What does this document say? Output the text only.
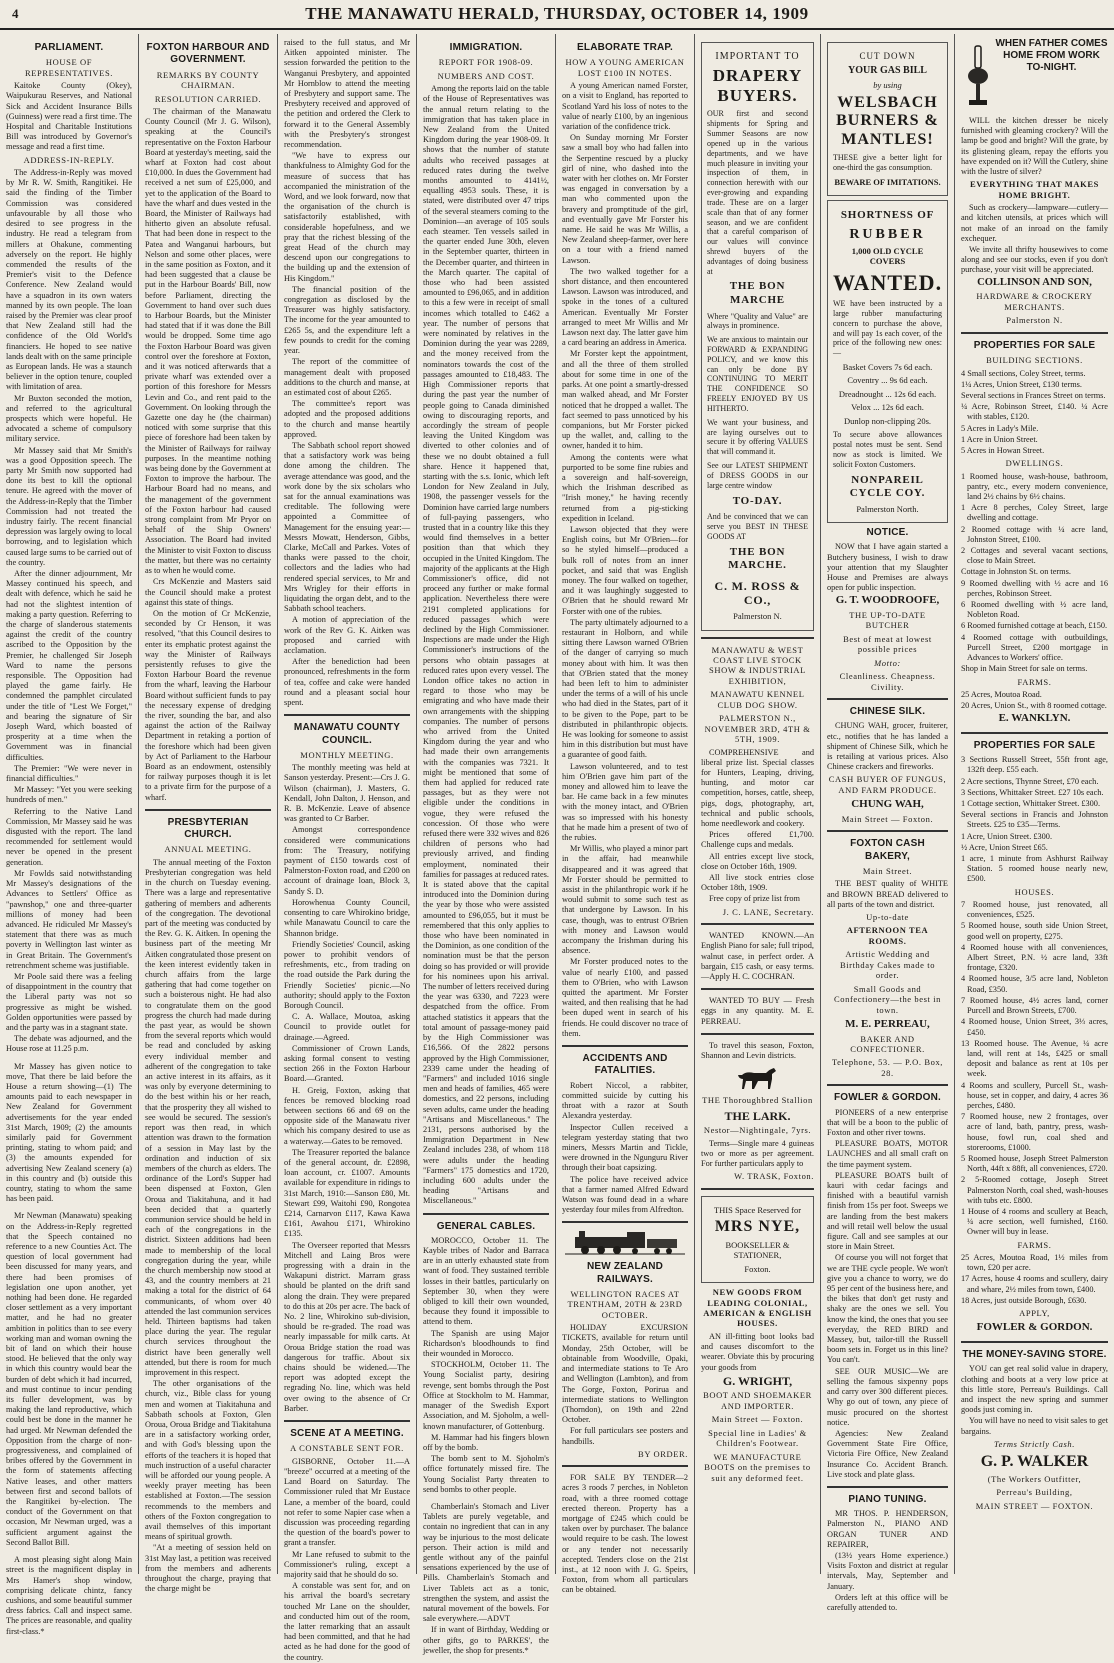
4	THE MANAWATU HERALD, THURSDAY, OCTOBER 14, 1909
PARLIAMENT.
HOUSE OF REPRESENTATIVES.

Kaitoke County (Okey), Waipukurau Reserves, and National Sick and Accident Insurance Bills (Guinness) were read a first time. The Hospital and Charitable Institutions Bill was introduced by Governor's message and read a first time.

ADDRESS-IN-REPLY.

The Address-in-Reply was moved by Mr R. W. Smith, Rangitikei. He said the finding of the Timber Commission was considered unfavourable by all those who desired to see progress in the industry. He read a telegram from millers at Ohakune, commenting adversely on the report. He highly commended the results of the Premier's visit to the Defence Conference. New Zealand would have a squadron in its own waters manned by its own people. The loan raised by the Premier was clear proof that New Zealand still had the confidence of the Old World's financiers. He hoped to see native lands dealt with on the same principle as European lands. He was a staunch believer in the option tenure, coupled with limitation of area.

Mr Buxton seconded the motion, and referred to the agricultural prospects which were hopeful. He advocated a scheme of compulsory military service.

Mr Massey said that Mr Smith's was a good Opposition speech. The party Mr Smith now supported had done its best to kill the optional tenure. He agreed with the mover of the Address-in-Reply that the Timber Commission had not treated the industry fairly. The recent financial depression was largely owing to local borrowing, and to legislation which caused large sums to be carried out of the country.

After the dinner adjournment, Mr Massey continued his speech, and dealt with defence, which he said he had not the slightest intention of making a party question. Referring to the charge of slanderous statements against the credit of the country ascribed to the Opposition by the Premier, he challenged Sir Joseph Ward to name the persons responsible. The Opposition had played the game fairly. He condemned the pamphlet circulated under the title of "Lest We Forget," and bearing the signature of Sir Joseph Ward, which boasted of prosperity at a time when the Government was in financial difficulties.

The Premier: "We were never in financial difficulties."

Mr Massey: "Yet you were seeking hundreds of men."

Referring to the Native Land Commission, Mr Massey said he was disgusted with the report. The land recommended for settlement would never be opened in the present generation.

Mr Fowlds said notwithstanding Mr Massey's designations of the Advances to Settlers' Office as "pawnshop," one and three-quarter millions of money had been advanced. He ridiculed Mr Massey's statement that there was as much poverty in Wellington last winter as in Great Britain. The Government's retrenchment scheme was justifiable.

Mr Poole said there was a feeling of disappointment in the country that the Liberal party was not so progressive as might be wished. Golden opportunities were passed by and the party was in a stagnant state.

The debate was adjourned, and the House rose at 11.25 p.m.

Mr Massey has given notice to move, That there be laid before the House a return showing—(1) The amounts paid to each newspaper in New Zealand for Government advertisements for the year ended 31st March, 1909; (2) the amounts similarly paid for Government printing, stating to whom paid; and (3) the amounts expended for advertising New Zealand scenery (a) in this country and (b) outside this country, stating to whom the same has been paid.

Mr Newman (Manawatu) speaking on the Address-in-Reply regretted that the Speech contained no reference to a new Counties Act. The question of local government had been discussed for many years, and there had been promises of legislation one upon another, yet nothing had been done. He regarded closer settlement as a very important matter, and he had no greater ambition in politics than to see every working man and woman owning the bit of land on which their house stood. He believed that the only way in which this country would bear the burden of debt which it had incurred, and must continue to incur pending its fuller development, was by making the land reproductive, which could best be done in the manner he had urged. Mr Newman defended the Opposition from the charge of non-progressiveness, and complained of bribes offered by the Government in the form of statements affecting Native leases, and other matters between first and second ballots of the Rangitikei by-election. The conduct of the Government on that occasion, Mr Newman urged, was a sufficient argument against the Second Ballot Bill.

A most pleasing sight along Main street is the magnificent display in Mrs Hamer's shop window, comprising delicate chintz, fancy cushions, and some beautiful summer dress fabrics. Call and inspect same. The prices are reasonable, and quality first-class.*

FOXTON HARBOUR AND GOVERNMENT.
REMARKS BY COUNTY CHAIRMAN.
RESOLUTION CARRIED.

The chairman of the Manawatu County Council (Mr J. G. Wilson), speaking at the Council's representative on the Foxton Harbour Board at yesterday's meeting, said the wharf at Foxton had cost about £10,000. In dues the Government had received a net sum of £25,000, and yet to the application of the Board to have the wharf and dues vested in the Board, the Minister of Railways had hitherto given an absolute refusal. That had been done in respect to the Patea and Wanganui harbours, but Nelson and some other places, were in the same position as Foxton, and it had been suggested that a clause be put in the Harbour Boards' Bill, now before Parliament, directing the Government to hand over such dues to Harbour Boards, but the Minister had stated that if it was done the Bill would be dropped. Some time ago the Foxton Harbour Board was given control over the foreshore at Foxton, and it was noticed afterwards that a private wharf was extended over a portion of this foreshore for Messrs Levin and Co., and rent paid to the Government. On looking through the Gazette one day he (the chairman) noticed with some surprise that this piece of foreshore had been taken by the Minister of Railways for railway purposes. In the meantime nothing was being done by the Government at Foxton to improve the harbour. The Harbour Board had no means, and the management of the government of the Foxton harbour had caused strong complaint from Mr Pryor on behalf of the Ship Owners' Association. The Board had invited the Minister to visit Foxton to discuss the matter, but there was no certainty as to when he would come.

Crs McKenzie and Masters said the Council should make a protest against this state of things.

On the motion of Cr McKenzie, seconded by Cr Henson, it was resolved, "that this Council desires to enter its emphatic protest against the way the Minister of Railways persistently refuses to give the Foxton Harbour Board the revenue from the wharf, leaving the Harbour Board without sufficient funds to pay the necessary expense of dredging the river, sounding the bar, and also against the action of the Railway Department in retaking a portion of the foreshore which had been given by Act of Parliament to the Harbour Board as an endowment, ostensibly for railway purposes though it is let to a private firm for the purpose of a wharf.

PRESBYTERIAN CHURCH.
ANNUAL MEETING.

The annual meeting of the Foxton Presbyterian congregation was held in the church on Tuesday evening. There was a large and representative gathering of members and adherents of the congregation. The devotional part of the meeting was conducted by the Rev. G. K. Aitken. In opening the business part of the meeting Mr Aitken congratulated those present on the keen interest evidently taken in church affairs from the large gathering that had come together on such a boisterous night. He had also to congratulate them on the good progress the church had made during the past year, as would be shown from the several reports which would be read and concluded by asking every individual member and adherent of the congregation to take an active interest in its affairs, as it was only by everyone determining to do the best within his or her reach, that the prosperity they all wished to see would be secured. The session's report was then read, in which attention was drawn to the formation of a session in May last by the ordination and induction of six members of the church as elders. The ordinance of the Lord's Supper had been dispensed at Foxton, Glen Oroua and Tiakitahuna, and it had been decided that a quarterly communion service should be held in each of the congregations in the district. Sixteen additions had been made to membership of the local congregation during the year, while the church membership now stood at 43, and the country members at 21 making a total for the district of 64 communicants, of whom over 40 attended the last communion services held. Thirteen baptisms had taken place during the year. The regular church services throughout the district have been generally well attended, but there is room for much improvement in this respect.

The other organisations of the church, viz., Bible class for young men and women at Tiakitahuna and Sabbath schools at Foxton, Glen Oroua, Oroua Bridge and Tiakitahuna are in a satisfactory working order, and with God's blessing upon the efforts of the teachers it is hoped that much instruction of a useful character will be afforded our young people. A weekly prayer meeting has been established at Foxton.—The session recommends to the members and others of the Foxton congregation to avail themselves of this important means of spiritual growth.

"At a meeting of session held on 31st May last, a petition was received from the members and adherents throughout the charge, praying that the charge might be

raised to the full status, and Mr Aitken appointed minister. The session forwarded the petition to the Wanganui Presbytery, and appointed Mr Hornblow to attend the meeting of Presbytery and support same. The Presbytery received and approved of the petition and ordered the Clerk to forward it to the General Assembly with the Presbytery's strongest recommendation.

"We have to express our thankfulness to Almighty God for the measure of success that has accompanied the ministration of the Word, and we look forward, now that the organisation of the church is satisfactorily established, with considerable hopefulness, and we pray that the richest blessing of the great Head of the church may descend upon our congregations to the building up and the extension of His Kingdom."

The financial position of the congregation as disclosed by the Treasurer was highly satisfactory. The income for the year amounted to £265 5s, and the expenditure left a few pounds to credit for the coming year.

The report of the committee of management dealt with proposed additions to the church and manse, at an estimated cost of about £265.

The committee's report was adopted and the proposed additions to the church and manse heartily approved.

The Sabbath school report showed that a satisfactory work was being done among the children. The average attendance was good, and the work done by the six scholars who sat for the annual examinations was creditable. The following were appointed a Committee of Management for the ensuing year:—Messrs Mowatt, Henderson, Gibbs, Clarke, McCall and Parkes. Votes of thanks were passed to the choir, collectors and the ladies who had rendered special services, to Mr and Mrs Wrigley for their efforts in liquidating the organ debt, and to the Sabbath school teachers.

A motion of appreciation of the work of the Rev G. K. Aitken was proposed and carried with acclamation.

After the benediction had been pronounced, refreshments in the form of tea, coffee and cake were handed round and a pleasant social hour spent.

MANAWATU COUNTY COUNCIL.
MONTHLY MEETING.

The monthly meeting was held at Sanson yesterday. Present:—Crs J. G. Wilson (chairman), J. Masters, G. Kendall, John Dalton, J. Henson, and R. B. McKenzie. Leave of absence was granted to Cr Barber.

Amongst correspondence considered were communications from: The Treasury, notifying payment of £150 towards cost of Palmerston-Foxton road, and £200 on account of drainage loan, Block 3, Sandy S. D.

Horowhenua County Council, consenting to care Whirokino bridge, while Manawatu Council to care the Shannon bridge.

Friendly Societies' Council, asking power to prohibit vendors of refreshments, etc., from trading on the road outside the Park during the Friendly Societies' picnic.—No authority; should apply to the Foxton Borough Council.

C. A. Wallace, Moutoa, asking Council to provide outlet for drainage.—Agreed.

Commissioner of Crown Lands, asking formal consent to vesting section 266 in the Foxton Harbour Board.—Granted.

H. Greig, Foxton, asking that fences be removed blocking road between sections 66 and 69 on the opposite side of the Manawatu river which his company desired to use as a waterway.—Gates to be removed.

The Treasurer reported the balance of the general account, dr. £2898, loan account, cr. £1007. Amounts available for expenditure in ridings to 31st March, 1910:—Sanson £80, Mt. Stewart £99, Waitohi £90, Rongotea £214, Carnarvon £117, Kawa Kawa £161, Awahou £171, Whirokino £135.

The Overseer reported that Messrs Mitchell and Laing Bros were progressing with a drain in the Wakapuni district. Marram grass should be planted on the drift sand along the drain. They were prepared to do this at 20s per acre. The back of No. 2 line, Whirokino sub-division, should be re-graded. The road was nearly impassable for milk carts. At Oroua Bridge station the road was dangerous for traffic. About six chains should be widened.—The report was adopted except the regrading No. line, which was held over owing to the absence of Cr Barber.

SCENE AT A MEETING.
A CONSTABLE SENT FOR.

GISBORNE, October 11.—A "breeze" occurred at a meeting of the Land Board on Saturday. The Commissioner ruled that Mr Eustace Lane, a member of the board, could not refer to some Napier case when a discussion was proceeding regarding the question of the board's power to grant a transfer.

Mr Lane refused to submit to the Commissioner's ruling, except a majority said that he should do so.

A constable was sent for, and on his arrival the board's secretary touched Mr Lane on the shoulder, and conducted him out of the room, the latter remarking that an assault had been committed, and that he had acted as he had done for the good of the country.

IMMIGRATION.
REPORT FOR 1908-09.
NUMBERS AND COST.

Among the reports laid on the table of the House of Representatives was the annual return relating to the immigration that has taken place in New Zealand from the United Kingdom during the year 1908-09. It shows that the number of statute adults who received passages at reduced rates during the twelve months amounted to 4141½, equalling 4953 souls. These, it is stated, were distributed over 47 trips of the several steamers coming to the Dominion—an average of 105 souls each steamer. Ten vessels sailed in the quarter ended June 30th, eleven in the September quarter, thirteen in the December quarter, and thirteen in the March quarter. The capital of those who had been assisted amounted to £96,065, and in addition to this a few were in receipt of small incomes which totalled to £462 a year. The number of persons that were nominated by relatives in the Dominion during the year was 2289, and the money received from the nominators towards the cost of the passages amounted to £18,483. The High Commissioner reports that during the past year the number of people going to Canada diminished owing to discouraging reports, and accordingly the stream of people leaving the United Kingdom was diverted to other colonies and of these we no doubt obtained a full share. Hence it happened that, starting with the s.s. Ionic, which left London for New Zealand in July, 1908, the passenger vessels for the Dominion have carried large numbers of full-paying passengers, who trusted that in a country like this they would find themselves in a better position than that which they occupied in the United Kingdom. The majority of the applicants at the High Commissioner's office, did not proceed any further or make formal application. Nevertheless there were 2191 completed applications for reduced passages which were declined by the High Commissioner. Inspections are made under the High Commissioner's instructions of the persons who obtain passages at reduced rates upon every vessel. The London office takes no action in regard to those who may be emigrating and who have made their own arrangements with the shipping companies. The number of persons who arrived from the United Kingdom during the year and who had made their own arrangements with the companies was 7321. It might be mentioned that some of them had applied for reduced rate passages, but as they were not eligible under the conditions in vogue, they were refused the concession. Of those who were refused there were 332 wives and 826 children of persons who had previously arrived, and finding employment, nominated their families for passages at reduced rates. It is stated above that the capital introduced into the Dominion during the year by those who were assisted amounted to £96,055, but it must be remembered that this only applies to those who have been nominated in the Dominion, as one condition of the nomination must be that the person doing so has provided or will provide for his nominees upon his arrival. The number of letters received during the year was 6330, and 7223 were despatched from the office. From attached statistics it appears that the total amount of passage-money paid by the High Commissioner was £16,566. Of the 2822 persons approved by the High Commissioner, 2339 came under the heading of "Farmers" and included 1016 single men and heads of families, 465 were domestics, and 22 persons, including seven adults, came under the heading "Artisans and Miscellaneous." The 2131, persons authorised by the Immigration Department in New Zealand includes 238, of whom 118 were adults under the heading "Farmers" 175 domestics and 1720, including 600 adults under the heading "Artisans and Miscellaneous."

GENERAL CABLES.

MOROCCO, October 11. The Kayble tribes of Nador and Barraca are in an utterly exhausted state from want of food. They sustained terrible losses in their battles, particularly on September 30, when they were obliged to kill their own wounded, because they found it impossible to attend to them.

The Spanish are using Major Richardson's bloodhounds to find their wounded in Morocco.

STOCKHOLM, October 11. The Young Socialist party, desiring revenge, sent bombs through the Post Office at Stockholm to M. Hammar, manager of the Swedish Export Association, and M. Sjoholm, a well-known manufacturer, of Gottenburg.

M. Hammar had his fingers blown off by the bomb.

The bomb sent to M. Sjoholm's office fortunately missed fire. The Young Socialist Party threaten to send bombs to other people.

Chamberlain's Stomach and Liver Tablets are purely vegetable, and contain no ingredient that can in any way be injurious to the most delicate person. Their action is mild and gentle without any of the painful sensations experienced by the use of Pills. Chamberlain's Stomach and Liver Tablets act as a tonic, strengthen the system, and assist the natural movement of the bowels. For sale everywhere.—ADVT

If in want of Birthday, Wedding or other gifts, go to PARKES', the jeweller, the shop for presents.*

ELABORATE TRAP.
HOW A YOUNG AMERICAN LOST £100 IN NOTES.

A young American named Forster, on a visit to England, has reported to Scotland Yard his loss of notes to the value of nearly £100, by an ingenious variation of the confidence trick.

On Sunday morning Mr Forster saw a small boy who had fallen into the Serpentine rescued by a plucky girl of nine, who dashed into the water with her clothes on. Mr Forster was engaged in conversation by a man who commented upon the bravery and promptitude of the girl, and eventually gave Mr Forster his name. He said he was Mr Willis, a New Zealand sheep-farmer, over here on a tour with a friend named Lawson.

The two walked together for a short distance, and then encountered Lawson. Lawson was introduced, and spoke in the tones of a cultured American. Eventually Mr Forster arranged to meet Mr Willis and Mr Lawson next day. The latter gave him a card bearing an address in America.

Mr Forster kept the appointment, and all the three of them strolled about for some time in one of the parks. At one point a smartly-dressed man walked ahead, and Mr Forster noticed that he dropped a wallet. The fact seemed to pass unnoticed by his companions, but Mr Forster picked up the wallet, and, calling to the owner, handed it to him.

Among the contents were what purported to be some fine rubies and a sovereign and half-sovereign, which the Irishman described as "Irish money," he having recently returned from a pig-sticking expedition in Iceland.

Lawson objected that they were English coins, but Mr O'Brien—for so he styled himself—produced a bulk roll of notes from an inner pocket, and said that was English money. The four walked on together, and it was laughingly suggested to O'Brien that he should reward Mr Forster with one of the rubies.

The party ultimately adjourned to a restaurant in Holborn, and while sitting there Lawson warned O'Brien of the danger of carrying so much money about with him. It was then that O'Brien stated that the money had been left to him to administer under the terms of a will of his uncle who had died in the States, part of it to be given to the Pope, part to be distributed in philanthropic objects. He was looking for someone to assist him in this distribution but must have a guarantee of good faith.

Lawson volunteered, and to test him O'Brien gave him part of the money and allowed him to leave the bar. He came back in a few minutes with the money intact, and O'Brien was so impressed with his honesty that he made him a present of two of the rubies.

Mr Willis, who played a minor part in the affair, had meanwhile disappeared and it was agreed that Mr Forster should be permitted to assist in the philanthropic work if he would submit to some such test as that undergone by Lawson. In his case, though, was to entrust O'Brien with money and Lawson would accompany the Irishman during his absence.

Mr Forster produced notes to the value of nearly £100, and passed them to O'Brien, who with Lawson quitted the apartment. Mr Forster waited, and then realising that he had been duped went in search of his friends. He could discover no trace of them.

ACCIDENTS AND FATALITIES.

Robert Niccol, a rabbiter, committed suicide by cutting his throat with a razor at South Alexandra yesterday.

Inspector Cullen received a telegram yesterday stating that two miners, Messrs Martin and Tickle, were drowned in the Ngunguru River through their boat capsizing.

The police have received advice that a farmer named Alfred Edward Watson was found dead in a whare yesterday four miles from Alfredton.

NEW ZEALAND RAILWAYS.
WELLINGTON RACES AT TRENTHAM, 20TH & 23RD OCTOBER.

HOLIDAY EXCURSION TICKETS, available for return until Monday, 25th October, will be obtainable from Woodville, Opaki, and intermediate stations to Te Aro and Wellington (Lambton), and from The Gorge, Foxton, Porirua and intermediate stations to Wellington (Thorndon), on 19th and 22nd October.

For full particulars see posters and handbills.

BY ORDER.

FOR SALE BY TENDER—2 acres 3 roods 7 perches, in Nobleton road, with a three roomed cottage erected thereon. Property has a mortgage of £245 which could be taken over by purchaser. The balance would require to be cash. The lowest or any tender not necessarily accepted. Tenders close on the 21st inst., at 12 noon with J. G. Speirs, Foxton, from whom all particulars can be obtained.

IMPORTANT TO
DRAPERY BUYERS.

OUR first and second shipments for Spring and Summer Seasons are now opened up in the various departments, and we have much pleasure in inviting your inspection of them, in connection herewith with our ever-growing and expanding trade. These are on a larger scale than that of any former season, and we are confident that a careful comparison of our values will convince shrewd buyers of the advantages of doing business at

THE BON MARCHE

Where "Quality and Value" are always in prominence.

We are anxious to maintain our FORWARD & EXPANDING POLICY, and we know this can only be done BY CONTINUING TO MERIT THE CONFIDENCE SO FREELY ENJOYED BY US HITHERTO.

We want your business, and are laying ourselves out to secure it by offering VALUES that will command it.

See our LATEST SHIPMENT of DRESS GOODS in our large centre window

TO-DAY.

And be convinced that we can serve you BEST IN THESE GOODS AT

THE BON MARCHE.
C. M. ROSS & CO.,
Palmerston N.
MANAWATU & WEST COAST LIVE STOCK SHOW & INDUSTRIAL EXHIBITION,
MANAWATU KENNEL CLUB DOG SHOW.
PALMERSTON N., NOVEMBER 3RD, 4TH & 5TH, 1909.

COMPREHENSIVE and liberal prize list. Special classes for Hunters, Leaping, driving, hunting, and motor car competition, horses, cattle, sheep, pigs, dogs, photography, art, technical and public schools, home needlework and cookery.

Prices offered £1,700. Challenge cups and medals.

All entries except live stock, close on October 16th, 1909.

All live stock entries close October 18th, 1909.

Free copy of prize list from

J. C. LANE, Secretary.

WANTED KNOWN.—An English Piano for sale; full tripod, walnut case, in perfect order. A bargain, £15 cash, or easy terms.—Apply H. C. COCHRAN.

WANTED TO BUY — Fresh eggs in any quantity. M. E. PERREAU.

To travel this season, Foxton, Shannon and Levin districts.

THE Thoroughbred Stallion
THE LARK.
Nestor—Nightingale, 7yrs.

Terms—Single mare 4 guineas two or more as per agreement. For further particulars apply to

W. TRASK, Foxton.
THIS Space Reserved for
MRS NYE,
BOOKSELLER & STATIONER,
Foxton.
NEW GOODS FROM LEADING COLONIAL, AMERICAN & ENGLISH HOUSES.

AN ill-fitting boot looks bad and causes discomfort to the wearer. Obviate this by procuring your goods from

G. WRIGHT,
BOOT AND SHOEMAKER AND IMPORTER.
Main Street — Foxton.
Special line in Ladies' & Children's Footwear.
WE MANUFACTURE BOOTS on the premises to suit any deformed feet.
CUT DOWN
YOUR GAS BILL
by using
WELSBACH BURNERS & MANTLES!

THESE give a better light for one-third the gas consumption.

BEWARE OF IMITATIONS.
SHORTNESS OF
RUBBER
1,000 OLD CYCLE COVERS
WANTED.

WE have been instructed by a large rubber manufacturing concern to purchase the above, and will pay 1s each cover, of the price of the following new ones:—

Basket Covers 7s 6d each.
Coventry ... 9s 6d each.
Dreadnought ... 12s 6d each.
Velox ... 12s 6d each.
Dunlop non-clipping 20s.

To secure above allowances postal notes must be sent. Send now as stock is limited. We solicit Foxton Customers.

NONPAREIL CYCLE COY.
Palmerston North.
NOTICE.

NOW that I have again started a Butchery business, I wish to draw your attention that my Slaughter House and Premises are always open for public inspection.

G. T. WOODROOFE,
THE UP-TO-DATE BUTCHER
Best of meat at lowest possible prices
Motto:
Cleanliness. Cheapness. Civility.
CHINESE SILK.

CHUNG WAH, grocer, fruiterer, etc., notifies that he has landed a shipment of Chinese Silk, which he is retailing at various prices. Also Chinese crackers and fireworks.

CASH BUYER OF FUNGUS, AND FARM PRODUCE.
CHUNG WAH,
Main Street — Foxton.
FOXTON CASH BAKERY,
Main Street.

THE BEST quality of WHITE and BROWN BREAD delivered to all parts of the town and district.

Up-to-date
AFTERNOON TEA ROOMS.
Artistic Wedding and Birthday Cakes made to order.
Small Goods and Confectionery—the best in town.
M. E. PERREAU,
BAKER AND CONFECTIONER.
Telephone, 53. — P.O. Box, 28.
FOWLER & GORDON.

PIONEERS of a new enterprise that will be a boon to the public of Foxton and other river towns.

PLEASURE BOATS, MOTOR LAUNCHES and all small craft on the time payment system.

PLEASURE BOATS built of kauri with cedar facings and finished with a beautiful varnish finish from 15s per foot. Sweeps we are landing from the best makers and will retail well below the usual figure. Call and see samples at our store in Main Street.

Of course you will not forget that we are THE cycle people. We won't give you a chance to worry, we do 95 per cent of the business here, and the bikes that don't get rusty and shaky are the ones we sell. You know the kind, the ones that you see everyday, the RED BIRD and Massey, but, tailor-till the Russell boom sets in. Forget us in this line? You can't.

SEE OUR MUSIC—We are selling the famous sixpenny pops and carry over 300 different pieces. Why go out of town, any piece of music procured on the shortest notice.

Agencies: New Zealand Government State Fire Office, Victoria Fire Office, New Zealand Insurance Co. Accident Branch. Live stock and plate glass.

PIANO TUNING.

MR THOS. P. HENDERSON, Palmerston N., PIANO AND ORGAN TUNER AND REPAIRER,

(13½ years Home experience.) Visits Foxton and district at regular intervals, May, September and January.

Orders left at this office will be carefully attended to.

WHEN FATHER COMES HOME FROM WORK TO-NIGHT.

WILL the kitchen dresser be nicely furnished with gleaming crockery? Will the lamp be good and bright? Will the grate, by its glistening gleam, repay the efforts you have expended on it? Will the Cutlery, shine with the lustre of silver?

EVERYTHING THAT MAKES HOME BRIGHT.

Such as crockery—lampware—cutlery—and kitchen utensils, at prices which will not make of an inroad on the family exchequer.

We invite all thrifty housewives to come along and see our stocks, even if you don't purchase, your visit will be appreciated.

COLLINSON AND SON,
HARDWARE & CROCKERY MERCHANTS.
Palmerston N.
PROPERTIES FOR SALE
BUILDING SECTIONS.

4 Small sections, Coley Street, terms.

1¼ Acres, Union Street, £130 terms.

Several sections in Frances Street on terms.

¼ Acre, Robinson Street, £140. ¼ Acre with stables, £120.

5 Acres in Lady's Mile.

1 Acre in Union Street.

5 Acres in Howan Street.

DWELLINGS.

1 Roomed house, wash-house, bathroom, pantry, etc., every modern convenience, land 2½ chains by 6½ chains.

1 Acre 8 perches, Coley Street, large dwelling and cottage.

2 Roomed cottage with ¼ acre land, Johnston Street, £100.

2 Cottages and several vacant sections, close to Main Street.

Cottage in Johnston St. on terms.

9 Roomed dwelling with ½ acre and 16 perches, Robinson Street.

6 Roomed dwelling with ½ acre land, Nobleton Road.

6 Roomed furnished cottage at beach, £150.

4 Roomed cottage with outbuildings, Purcell Street, £200 mortgage in Advances to Workers' office.

Shop in Main Street for sale on terms.

FARMS.

25 Acres, Moutoa Road.

20 Acres, Union St., with 8 roomed cottage.

E. WANKLYN.
PROPERTIES FOR SALE

3 Sections Russell Street, 55ft front age, 132ft deep. £55 each.

2 Acre sections, Thynne Street, £70 each.

3 Sections, Whittaker Street. £27 10s each.

1 Cottage section, Whittaker Street. £300.

Several sections in Francis and Johnston Streets. £25 to £35—Terms.

1 Acre, Union Street. £300.

½ Acre, Union Street £65.

1 acre, 1 minute from Ashhurst Railway Station. 5 roomed house nearly new, £500.

HOUSES.

7 Roomed house, just renovated, all conveniences, £525.

5 Roomed house, south side Union Street, good well on property, £275.

4 Roomed house with all conveniences, Albert Street, P.N. ½ acre land, 33ft frontage, £320.

4 Roomed house, 3/5 acre land, Nobleton Road, £350.

7 Roomed house, 4½ acres land, corner Purcell and Brown Streets, £700.

4 Roomed house, Union Street, 3⅓ acres, £450.

13 Roomed house. The Avenue, ¼ acre land, will rent at 14s, £425 or small deposit and balance as rent at 10s per week.

4 Rooms and scullery, Purcell St., wash-house, set in copper, and dairy, 4 acres 36 perches, £480.

7 Roomed house, new 2 frontages, over acre of land, bath, pantry, press, wash-house, fowl run, coal shed and storerooms, £1000.

5 Roomed house, Joseph Street Palmerston North, 44ft x 88ft, all conveniences, £720.

2 5-Roomed cottage, Joseph Street Palmerston North, coal shed, wash-houses with tubs etc. £800.

1 House of 4 rooms and scullery at Beach, ¼ acre section, well furnished, £160. Owner will buy in lease.

FARMS.

25 Acres, Moutoa Road, 1½ miles from town, £20 per acre.

17 Acres, house 4 rooms and scullery, dairy and whare, 2½ miles from town, £400.

18 Acres, just outside Borough, £630.

APPLY,
FOWLER & GORDON.
THE MONEY-SAVING STORE.

YOU can get real solid value in drapery, clothing and boots at a very low price at this little store, Perreau's Buildings. Call and inspect the new spring and summer goods just coming in.

You will have no need to visit sales to get bargains.

Terms Strictly Cash.
G. P. WALKER
(The Workers Outfitter,
Perreau's Building,
MAIN STREET — FOXTON.
